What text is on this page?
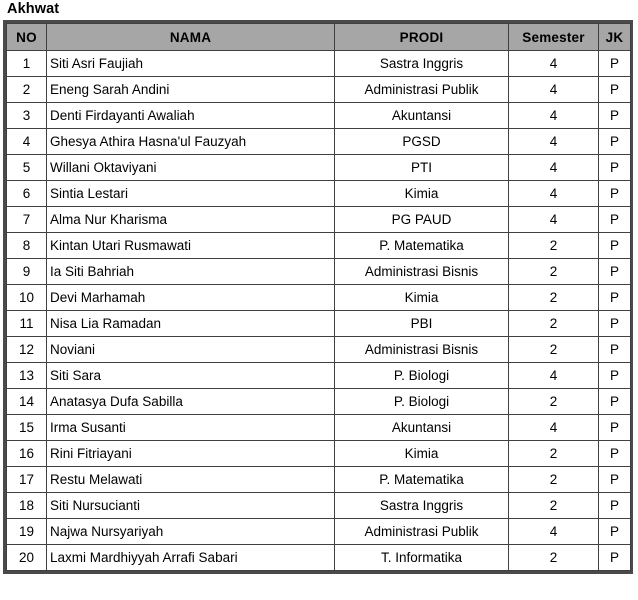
Akhwat
NO	NAMA	PRODI	Semester	JK
1	Siti Asri Faujiah	Sastra Inggris	4	P
2	Eneng Sarah Andini	Administrasi Publik	4	P
3	Denti Firdayanti Awaliah	Akuntansi	4	P
4	Ghesya Athira Hasna'ul Fauzyah	PGSD	4	P
5	Willani Oktaviyani	PTI	4	P
6	Sintia Lestari	Kimia	4	P
7	Alma Nur Kharisma	PG PAUD	4	P
8	Kintan Utari Rusmawati	P. Matematika	2	P
9	Ia Siti Bahriah	Administrasi Bisnis	2	P
10	Devi Marhamah	Kimia	2	P
11	Nisa Lia Ramadan	PBI	2	P
12	Noviani	Administrasi Bisnis	2	P
13	Siti Sara	P. Biologi	4	P
14	Anatasya Dufa Sabilla	P. Biologi	2	P
15	Irma Susanti	Akuntansi	4	P
16	Rini Fitriayani	Kimia	2	P
17	Restu Melawati	P. Matematika	2	P
18	Siti Nursucianti	Sastra Inggris	2	P
19	Najwa Nursyariyah	Administrasi Publik	4	P
20	Laxmi Mardhiyyah Arrafi Sabari	T. Informatika	2	P
